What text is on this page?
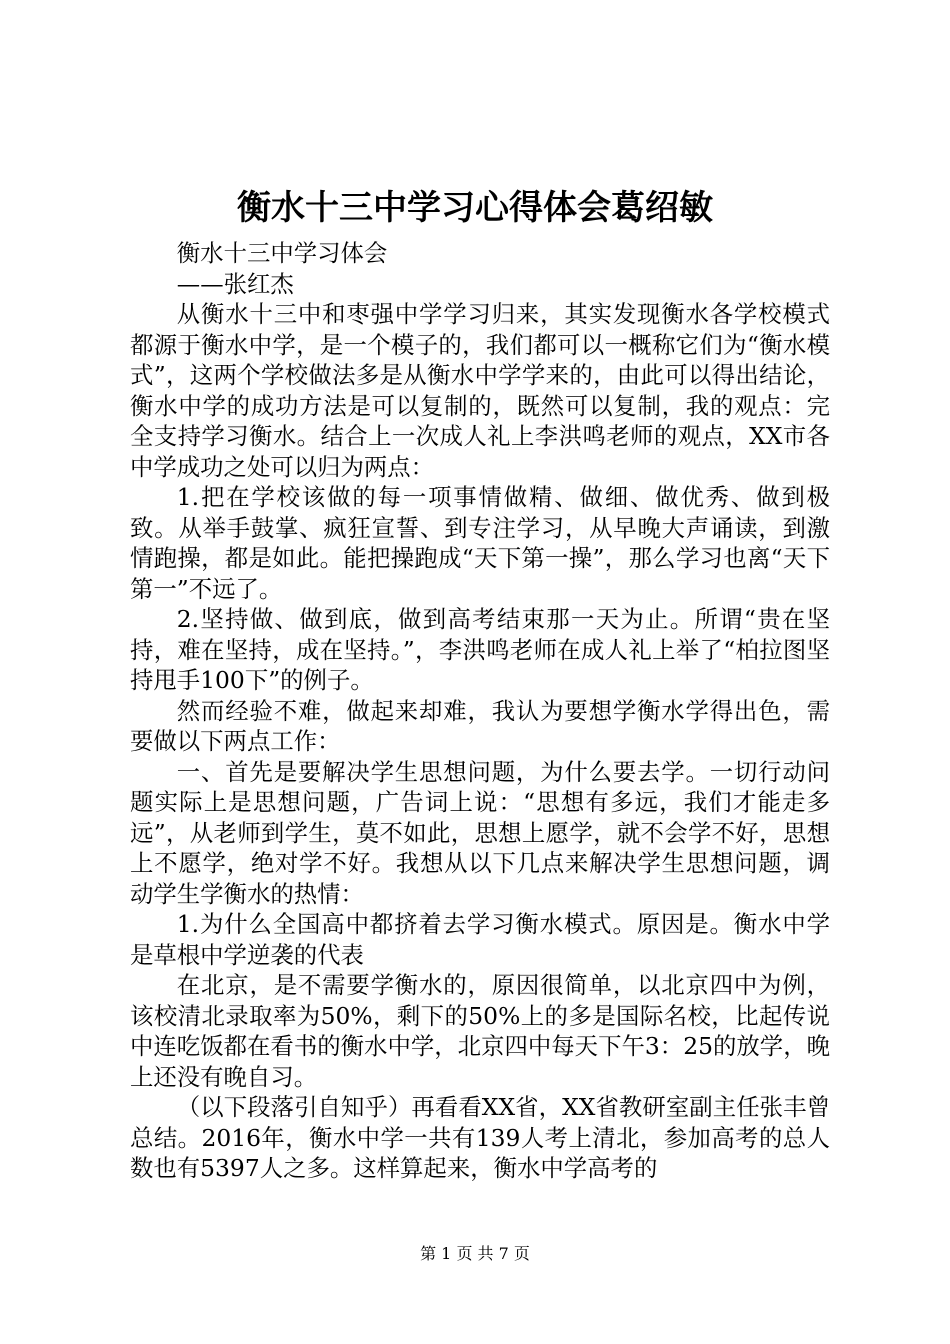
衡水十三中学习心得体会葛绍敏

衡水十三中学习体会

——张红杰

从衡水十三中和枣强中学学习归来，其实发现衡水各学校模式都源于衡水中学，是一个模子的，我们都可以一概称它们为“衡水模式”，这两个学校做法多是从衡水中学学来的，由此可以得出结论，衡水中学的成功方法是可以复制的，既然可以复制，我的观点：完全支持学习衡水。结合上一次成人礼上李洪鸣老师的观点，XX市各中学成功之处可以归为两点：

1.把在学校该做的每一项事情做精、做细、做优秀、做到极致。从举手鼓掌、疯狂宣誓、到专注学习，从早晚大声诵读，到激情跑操，都是如此。能把操跑成“天下第一操”，那么学习也离“天下第一”不远了。

2.坚持做、做到底，做到高考结束那一天为止。所谓“贵在坚持，难在坚持，成在坚持。”，李洪鸣老师在成人礼上举了“柏拉图坚持甩手100下”的例子。

然而经验不难，做起来却难，我认为要想学衡水学得出色，需要做以下两点工作：

一、首先是要解决学生思想问题，为什么要去学。一切行动问题实际上是思想问题，广告词上说：“思想有多远，我们才能走多远”，从老师到学生，莫不如此，思想上愿学，就不会学不好，思想上不愿学，绝对学不好。我想从以下几点来解决学生思想问题，调动学生学衡水的热情：

1.为什么全国高中都挤着去学习衡水模式。原因是。衡水中学是草根中学逆袭的代表

在北京，是不需要学衡水的，原因很简单，以北京四中为例，该校清北录取率为50%，剩下的50%上的多是国际名校，比起传说中连吃饭都在看书的衡水中学，北京四中每天下午3：25的放学，晚上还没有晚自习。

（以下段落引自知乎）再看看XX省，XX省教研室副主任张丰曾总结。2016年，衡水中学一共有139人考上清北，参加高考的总人数也有5397人之多。这样算起来，衡水中学高考的

第 1 页 共 7 页
